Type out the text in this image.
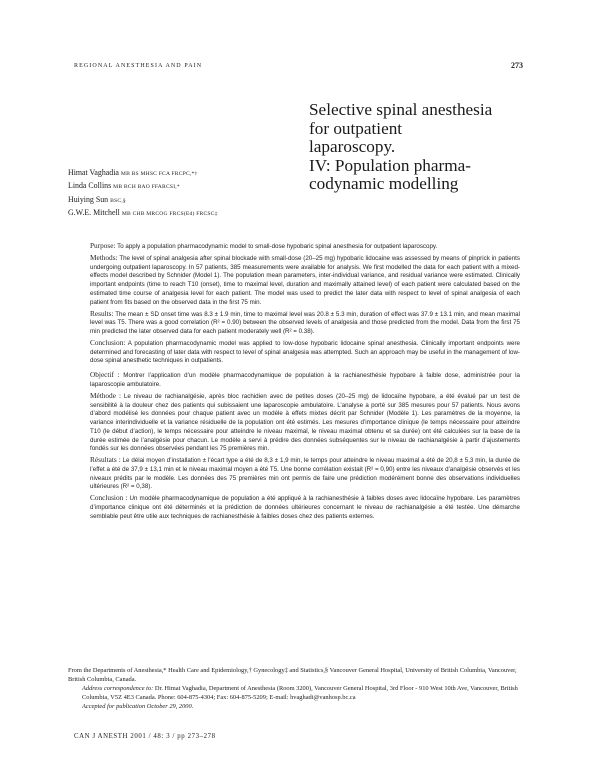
REGIONAL ANESTHESIA AND PAIN	273
Selective spinal anesthesia
for outpatient
laparoscopy.
IV: Population pharma-
codynamic modelling
Himat Vaghadia MB BS MHSC FCA FRCPC,*†
Linda Collins MB BCH BAO FFARCSI,*
Huiying Sun BSC,§
G.W.E. Mitchell MB CHB MRCOG FRCS(Ed) FRCSC‡

Purpose: To apply a population pharmacodynamic model to small-dose hypobaric spinal anesthesia for outpatient laparoscopy.

Methods: The level of spinal analgesia after spinal blockade with small-dose (20–25 mg) hypobaric lidocaine was assessed by means of pinprick in patients undergoing outpatient laparoscopy. In 57 patients, 385 measurements were available for analysis. We first modelled the data for each patient with a mixed-effects model described by Schnider (Model 1). The population mean parameters, inter-individual variance, and residual variance were estimated. Clinically important endpoints (time to reach T10 (onset), time to maximal level, duration and maximally attained level) of each patient were calculated based on the estimated time course of analgesia level for each patient. The model was used to predict the later data with respect to level of spinal analgesia of each patient from fits based on the observed data in the first 75 min.

Results: The mean ± SD onset time was 8.3 ± 1.9 min, time to maximal level was 20.8 ± 5.3 min, duration of effect was 37.9 ± 13.1 min, and mean maximal level was T5. There was a good correlation (R² = 0.90) between the observed levels of analgesia and those predicted from the model. Data from the first 75 min predicted the later observed data for each patient moderately well (R² = 0.38).

Conclusion: A population pharmacodynamic model was applied to low-dose hypobaric lidocaine spinal anesthesia. Clinically important endpoints were determined and forecasting of later data with respect to level of spinal analgesia was attempted. Such an approach may be useful in the management of low-dose spinal anesthetic techniques in outpatients.

Objectif : Montrer l’application d’un modèle pharmacodynamique de population à la rachianesthésie hypobare à faible dose, administrée pour la laparoscopie ambulatoire.

Méthode : Le niveau de rachianalgésie, après bloc rachidien avec de petites doses (20–25 mg) de lidocaïne hypobare, a été évalué par un test de sensibilité à la douleur chez des patients qui subissaient une laparoscopie ambulatoire. L’analyse a porté sur 385 mesures pour 57 patients. Nous avons d’abord modélisé les données pour chaque patient avec un modèle à effets mixtes décrit par Schnider (Modèle 1). Les paramètres de la moyenne, la variance interindividuelle et la variance résiduelle de la population ont été estimés. Les mesures d’importance clinique (le temps nécessaire pour atteindre T10 (le début d’action), le temps nécessaire pour atteindre le niveau maximal, le niveau maximal obtenu et sa durée) ont été calculées sur la base de la durée estimée de l’analgésie pour chacun. Le modèle a servi à prédire des données subséquentes sur le niveau de rachianalgésie à partir d’ajustements fondés sur les données observées pendant les 75 premières min.

Résultats : Le délai moyen d’installation ± l’écart type a été de 8,3 ± 1,9 min, le temps pour atteindre le niveau maximal a été de 20,8 ± 5,3 min, la durée de l’effet a été de 37,9 ± 13,1 min et le niveau maximal moyen a été T5. Une bonne corrélation existait (R² = 0,90) entre les niveaux d’analgésie observés et les niveaux prédits par le modèle. Les données des 75 premières min ont permis de faire une prédiction modérément bonne des observations individuelles ultérieures (R² = 0,38).

Conclusion : Un modèle pharmacodynamique de population a été appliqué à la rachianesthésie à faibles doses avec lidocaïne hypobare. Les paramètres d’importance clinique ont été déterminés et la prédiction de données ultérieures concernant le niveau de rachianalgésie a été testée. Une démarche semblable peut être utile aux techniques de rachianesthésie à faibles doses chez des patients externes.

From the Departments of Anesthesia,* Health Care and Epidemiology,† Gynecology‡ and Statistics,§ Vancouver General Hospital, University of British Columbia, Vancouver, British Columbia, Canada.

Address correspondence to: Dr. Himat Vaghadia, Department of Anesthesia (Room 3200), Vancouver General Hospital, 3rd Floor - 910 West 10th Ave, Vancouver, British Columbia, V5Z 4E3 Canada. Phone: 604-875-4304; Fax: 604-875-5209; E-mail: hvaghadi@vanhosp.bc.ca

Accepted for publication October 29, 2000.

CAN J ANESTH 2001 / 48: 3 / pp 273–278
